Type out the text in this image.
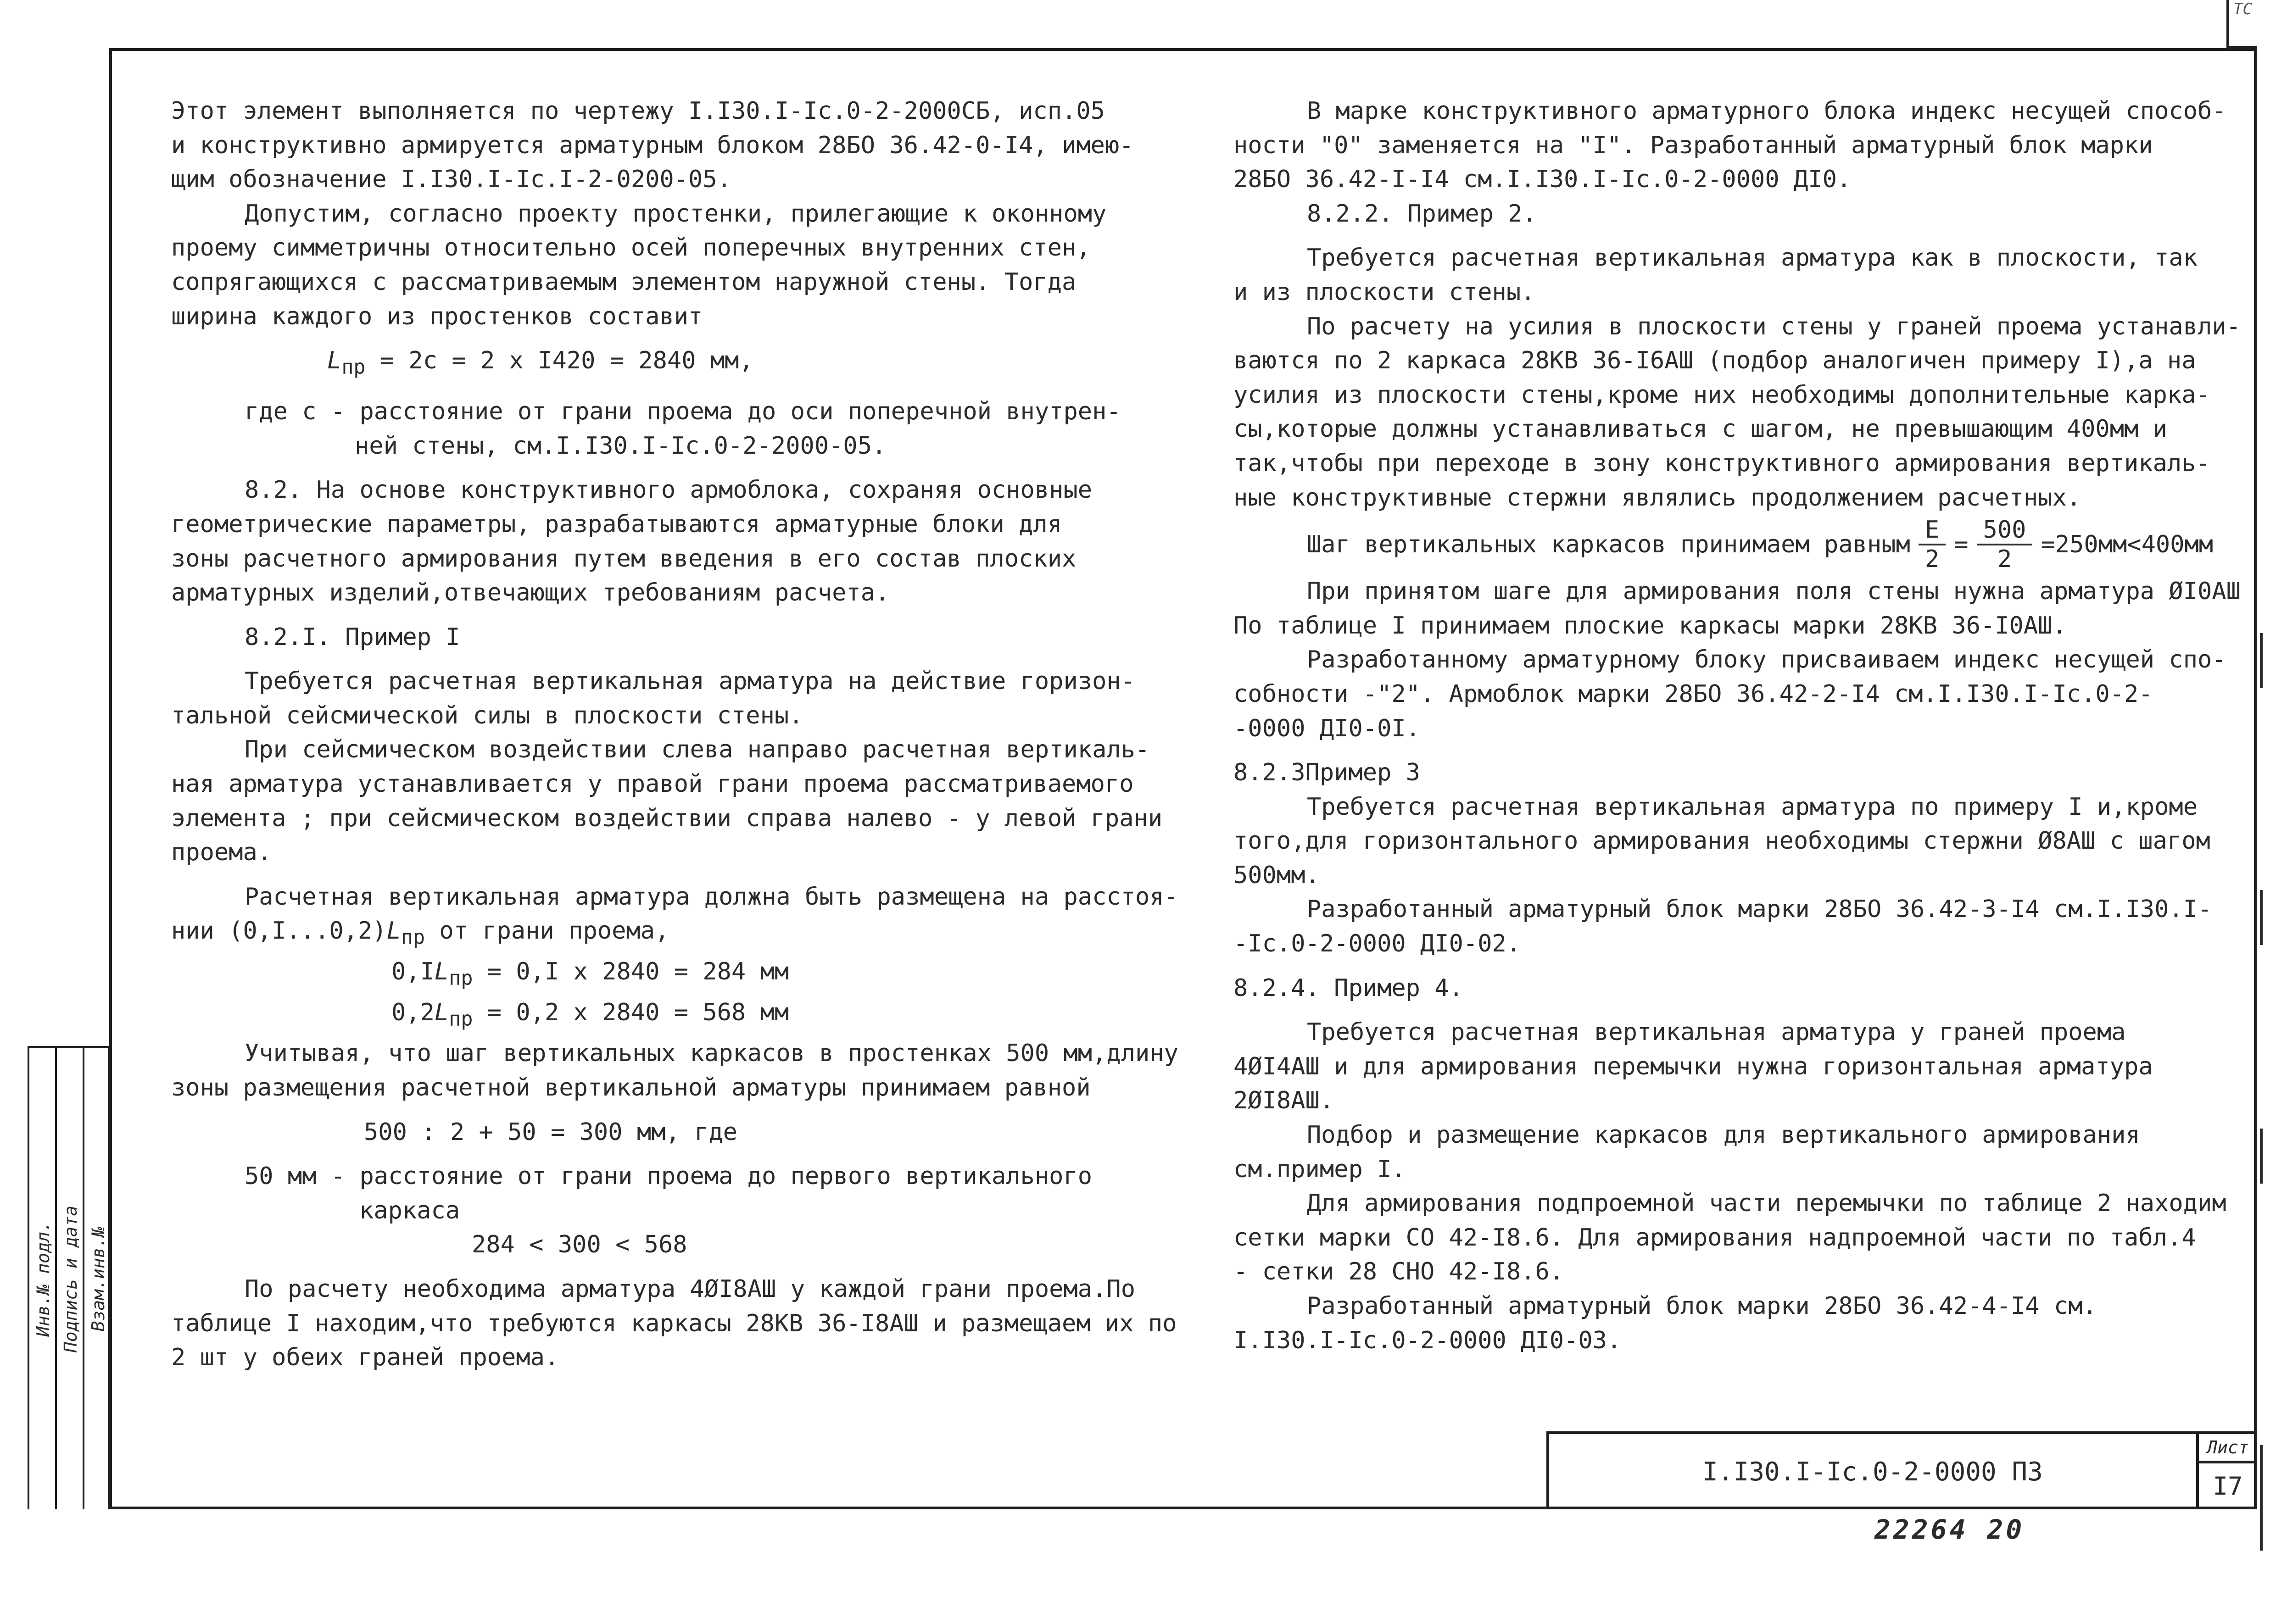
ТС
Инв.№ подл. Подпись и дата Взам.инв.№
Этот элемент выполняется по чертежу I.I30.I-Iс.0-2-2000СБ, исп.05
и конструктивно армируется арматурным блоком 28БО 36.42-0-I4, имею-
щим обозначение I.I30.I-Iс.I-2-0200-05.
Допустим, согласно проекту простенки, прилегающие к оконному
проему симметричны относительно осей поперечных внутренних стен,
сопрягающихся с рассматриваемым элементом наружной стены. Тогда
ширина каждого из простенков составит
$L_{пр} = 2c = 2$ x I420 = 2840 мм,
где с - расстояние от грани проема до оси поперечной внутрен-
ней стены, см.I.I30.I-Iс.0-2-2000-05.
8.2. На основе конструктивного армоблока, сохраняя основные
геометрические параметры, разрабатываются арматурные блоки для
зоны расчетного армирования путем введения в его состав плоских
арматурных изделий,отвечающих требованиям расчета.
8.2.I. Пример I
Требуется расчетная вертикальная арматура на действие горизон-
тальной сейсмической силы в плоскости стены.
При сейсмическом воздействии слева направо расчетная вертикаль-
ная арматура устанавливается у правой грани проема рассматриваемого
элемента ; при сейсмическом воздействии справа налево - у левой грани
проема.
Расчетная вертикальная арматура должна быть размещена на расстоя-
нии $(0,I...0,2)L_{пр}$ от грани проема,
$0,IL_{пр} = 0,I$ x 2840 = 284 мм
$0,2L_{пр} = 0,2$ x 2840 = 568 мм
Учитывая, что шаг вертикальных каркасов в простенках 500 мм,длину
зоны размещения расчетной вертикальной арматуры принимаем равной
500 : 2 + 50 = 300 мм, где
50 мм - расстояние от грани проема до первого вертикального
каркаса
284 < 300 < 568
По расчету необходима арматура 4ØI8АШ у каждой грани проема.По
таблице I находим,что требуются каркасы 28КВ 36-I8АШ и размещаем их по
2 шт у обеих граней проема.
В марке конструктивного арматурного блока индекс несущей способ-
ности "0" заменяется на "I". Разработанный арматурный блок марки
28БО 36.42-I-I4 см.I.I30.I-Iс.0-2-0000 ДI0.
8.2.2. Пример 2.
Требуется расчетная вертикальная арматура как в плоскости, так
и из плоскости стены.
По расчету на усилия в плоскости стены у граней проема устанавли-
ваются по 2 каркаса 28КВ 36-I6АШ (подбор аналогичен примеру I),а на
усилия из плоскости стены,кроме них необходимы дополнительные карка-
сы,которые должны устанавливаться с шагом, не превышающим 400мм и
так,чтобы при переходе в зону конструктивного армирования вертикаль-
ные конструктивные стержни являлись продолжением расчетных.
Шаг вертикальных каркасов принимаем равным $\frac{Е}{2} = \frac{500}{2} =250мм<400мм$
При принятом шаге для армирования поля стены нужна арматура ØI0АШ
По таблице I принимаем плоские каркасы марки 28КВ 36-I0АШ.
Разработанному арматурному блоку присваиваем индекс несущей спо-
собности -"2". Армоблок марки 28БО 36.42-2-I4 см.I.I30.I-Iс.0-2-
-0000 ДI0-0I.
8.2.3Пример 3
Требуется расчетная вертикальная арматура по примеру I и,кроме
того,для горизонтального армирования необходимы стержни Ø8АШ с шагом
500мм.
Разработанный арматурный блок марки 28БО 36.42-3-I4 см.I.I30.I-
-Iс.0-2-0000 ДI0-02.
8.2.4. Пример 4.
Требуется расчетная вертикальная арматура у граней проема
4ØI4АШ и для армирования перемычки нужна горизонтальная арматура
2ØI8АШ.
Подбор и размещение каркасов для вертикального армирования
см.пример I.
Для армирования подпроемной части перемычки по таблице 2 находим
сетки марки СО 42-I8.6. Для армирования надпроемной части по табл.4
- сетки 28 СНО 42-I8.6.
Разработанный арматурный блок марки 28БО 36.42-4-I4 см.
I.I30.I-Iс.0-2-0000 ДI0-03.
I.I30.I-Iс.0-2-0000 ПЗ
Лист
I7
22264 20
